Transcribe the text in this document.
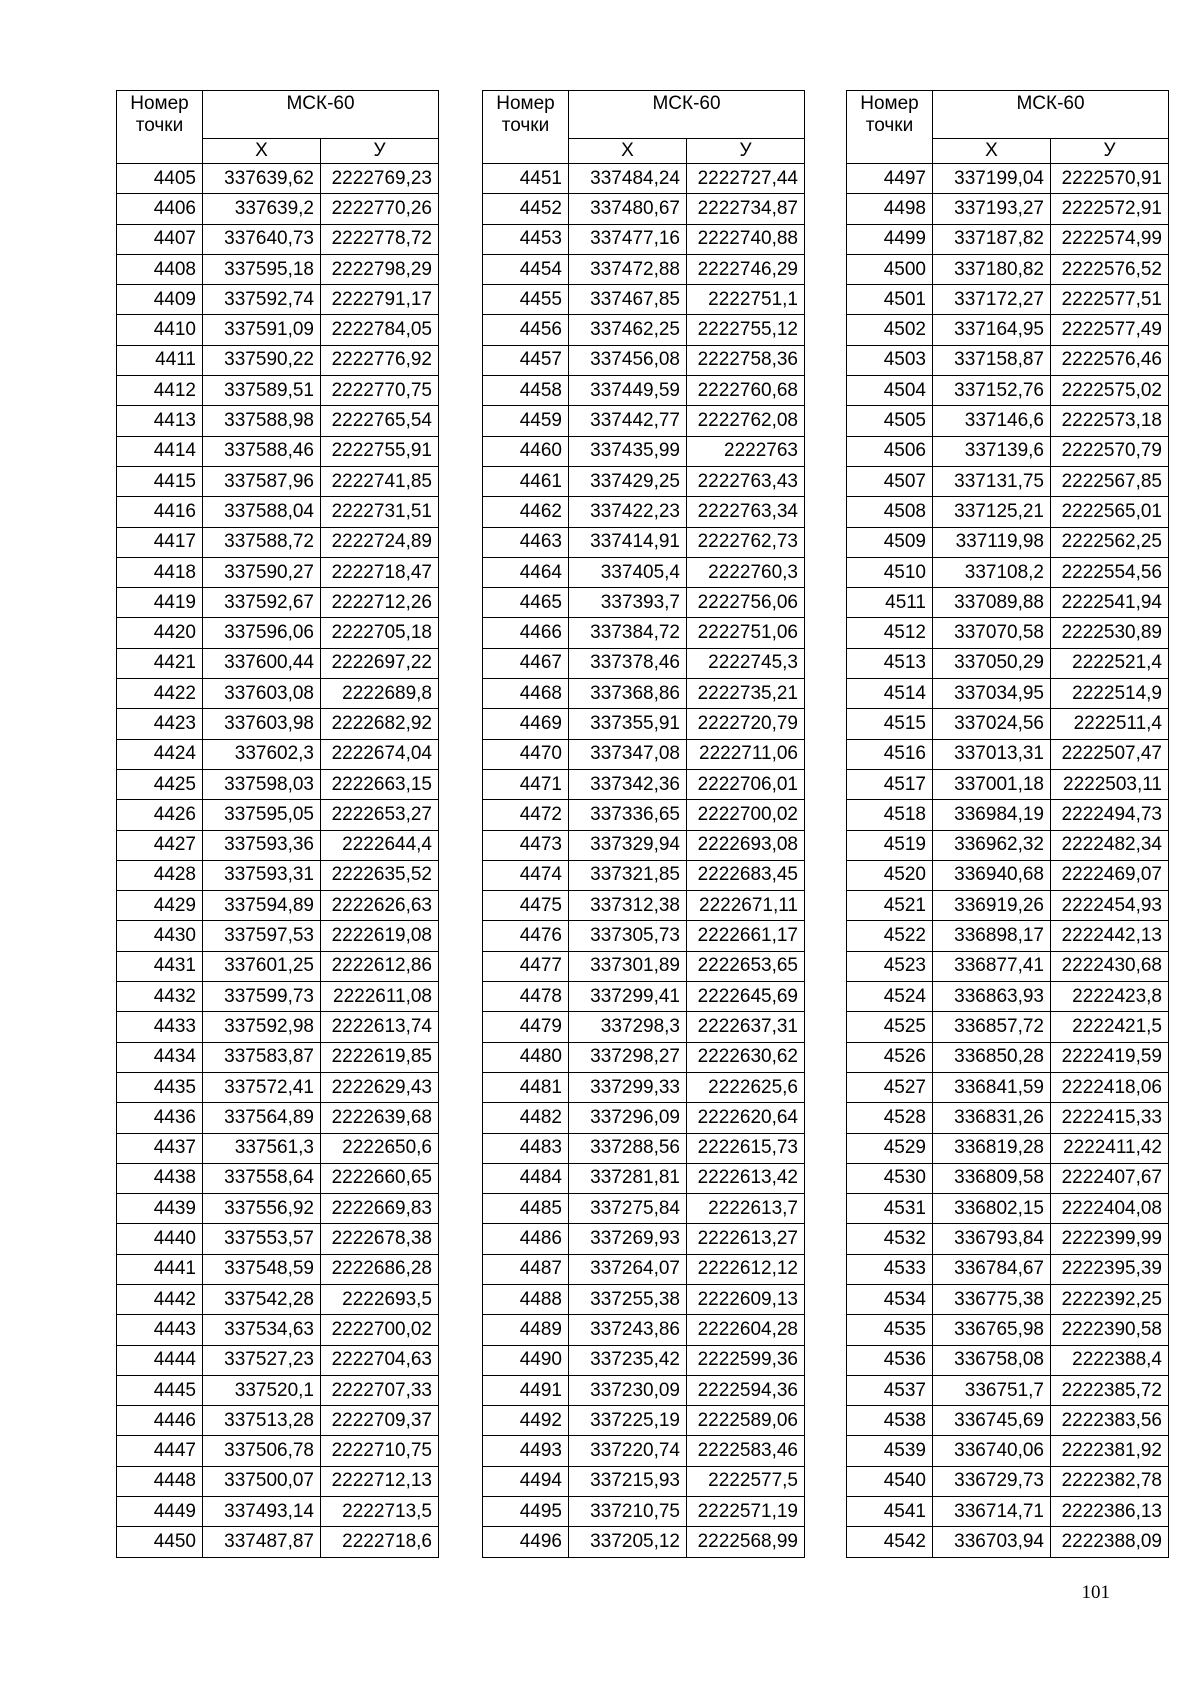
Номер точки	МСК-60	
	Х	У
4405	337639,62	2222769,23
4406	337639,2	2222770,26
4407	337640,73	2222778,72
4408	337595,18	2222798,29
4409	337592,74	2222791,17
4410	337591,09	2222784,05
4411	337590,22	2222776,92
4412	337589,51	2222770,75
4413	337588,98	2222765,54
4414	337588,46	2222755,91
4415	337587,96	2222741,85
4416	337588,04	2222731,51
4417	337588,72	2222724,89
4418	337590,27	2222718,47
4419	337592,67	2222712,26
4420	337596,06	2222705,18
4421	337600,44	2222697,22
4422	337603,08	2222689,8
4423	337603,98	2222682,92
4424	337602,3	2222674,04
4425	337598,03	2222663,15
4426	337595,05	2222653,27
4427	337593,36	2222644,4
4428	337593,31	2222635,52
4429	337594,89	2222626,63
4430	337597,53	2222619,08
4431	337601,25	2222612,86
4432	337599,73	2222611,08
4433	337592,98	2222613,74
4434	337583,87	2222619,85
4435	337572,41	2222629,43
4436	337564,89	2222639,68
4437	337561,3	2222650,6
4438	337558,64	2222660,65
4439	337556,92	2222669,83
4440	337553,57	2222678,38
4441	337548,59	2222686,28
4442	337542,28	2222693,5
4443	337534,63	2222700,02
4444	337527,23	2222704,63
4445	337520,1	2222707,33
4446	337513,28	2222709,37
4447	337506,78	2222710,75
4448	337500,07	2222712,13
4449	337493,14	2222713,5
4450	337487,87	2222718,6
Номер точки	МСК-60	
	Х	У
4451	337484,24	2222727,44
4452	337480,67	2222734,87
4453	337477,16	2222740,88
4454	337472,88	2222746,29
4455	337467,85	2222751,1
4456	337462,25	2222755,12
4457	337456,08	2222758,36
4458	337449,59	2222760,68
4459	337442,77	2222762,08
4460	337435,99	2222763
4461	337429,25	2222763,43
4462	337422,23	2222763,34
4463	337414,91	2222762,73
4464	337405,4	2222760,3
4465	337393,7	2222756,06
4466	337384,72	2222751,06
4467	337378,46	2222745,3
4468	337368,86	2222735,21
4469	337355,91	2222720,79
4470	337347,08	2222711,06
4471	337342,36	2222706,01
4472	337336,65	2222700,02
4473	337329,94	2222693,08
4474	337321,85	2222683,45
4475	337312,38	2222671,11
4476	337305,73	2222661,17
4477	337301,89	2222653,65
4478	337299,41	2222645,69
4479	337298,3	2222637,31
4480	337298,27	2222630,62
4481	337299,33	2222625,6
4482	337296,09	2222620,64
4483	337288,56	2222615,73
4484	337281,81	2222613,42
4485	337275,84	2222613,7
4486	337269,93	2222613,27
4487	337264,07	2222612,12
4488	337255,38	2222609,13
4489	337243,86	2222604,28
4490	337235,42	2222599,36
4491	337230,09	2222594,36
4492	337225,19	2222589,06
4493	337220,74	2222583,46
4494	337215,93	2222577,5
4495	337210,75	2222571,19
4496	337205,12	2222568,99
Номер точки	МСК-60	
	Х	У
4497	337199,04	2222570,91
4498	337193,27	2222572,91
4499	337187,82	2222574,99
4500	337180,82	2222576,52
4501	337172,27	2222577,51
4502	337164,95	2222577,49
4503	337158,87	2222576,46
4504	337152,76	2222575,02
4505	337146,6	2222573,18
4506	337139,6	2222570,79
4507	337131,75	2222567,85
4508	337125,21	2222565,01
4509	337119,98	2222562,25
4510	337108,2	2222554,56
4511	337089,88	2222541,94
4512	337070,58	2222530,89
4513	337050,29	2222521,4
4514	337034,95	2222514,9
4515	337024,56	2222511,4
4516	337013,31	2222507,47
4517	337001,18	2222503,11
4518	336984,19	2222494,73
4519	336962,32	2222482,34
4520	336940,68	2222469,07
4521	336919,26	2222454,93
4522	336898,17	2222442,13
4523	336877,41	2222430,68
4524	336863,93	2222423,8
4525	336857,72	2222421,5
4526	336850,28	2222419,59
4527	336841,59	2222418,06
4528	336831,26	2222415,33
4529	336819,28	2222411,42
4530	336809,58	2222407,67
4531	336802,15	2222404,08
4532	336793,84	2222399,99
4533	336784,67	2222395,39
4534	336775,38	2222392,25
4535	336765,98	2222390,58
4536	336758,08	2222388,4
4537	336751,7	2222385,72
4538	336745,69	2222383,56
4539	336740,06	2222381,92
4540	336729,73	2222382,78
4541	336714,71	2222386,13
4542	336703,94	2222388,09
101
